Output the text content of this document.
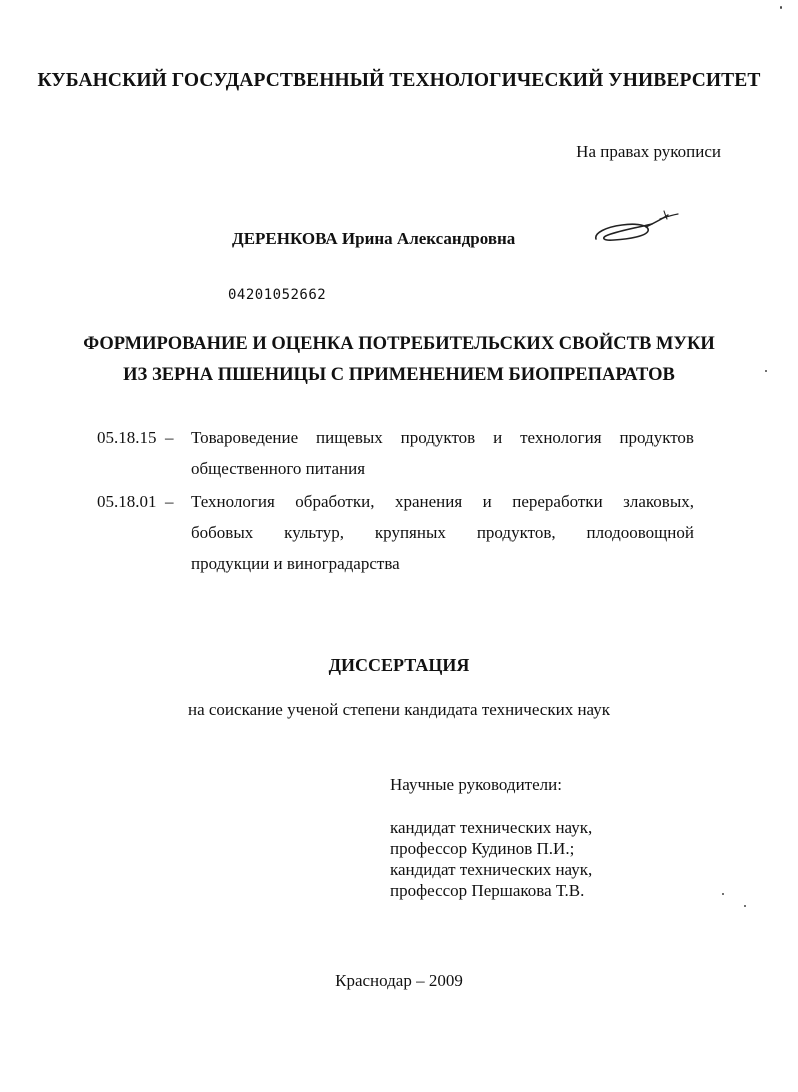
КУБАНСКИЙ ГОСУДАРСТВЕННЫЙ ТЕХНОЛОГИЧЕСКИЙ УНИВЕРСИТЕТ
На правах рукописи
ДЕРЕНКОВА Ирина Александровна
04201052662
ФОРМИРОВАНИЕ И ОЦЕНКА ПОТРЕБИТЕЛЬСКИХ СВОЙСТВ МУКИ
ИЗ ЗЕРНА ПШЕНИЦЫ С ПРИМЕНЕНИЕМ БИОПРЕПАРАТОВ
05.18.15 – Товароведение пищевых продуктов и технология продуктов
общественного питания
05.18.01 – Технология обработки, хранения и переработки злаковых,
бобовых культур, крупяных продуктов, плодоовощной
продукции и виноградарства
ДИССЕРТАЦИЯ
на соискание ученой степени кандидата технических наук
Научные руководители:
кандидат технических наук,
профессор Кудинов П.И.;
кандидат технических наук,
профессор Першакова Т.В.
Краснодар – 2009
